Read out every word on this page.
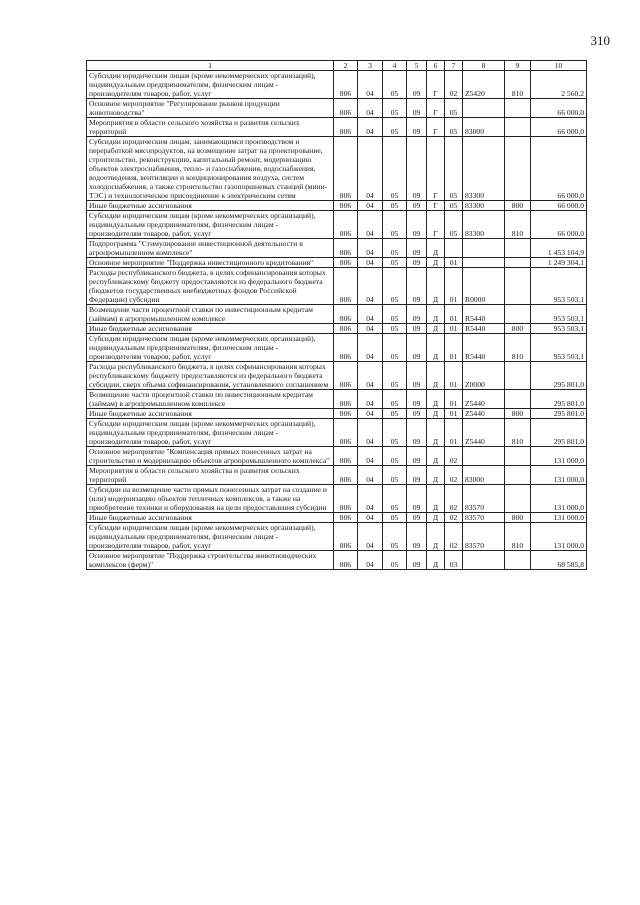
310
1	2	3	4	5	6	7	8	9	10
Субсидии юридическим лицам (кроме некоммерческих организаций), индивидуальным предпринимателям, физическим лицам - производителям товаров, работ, услуг	806	04	05	09	Г	02	Z5420	810	2 560,2
Основное мероприятие "Регулирование рынков продукции животноводства"	806	04	05	09	Г	05			66 000,0
Мероприятия в области сельского хозяйства и развития сельских территорий	806	04	05	09	Г	05	83000		66 000,0
Субсидии юридическим лицам, занимающимся производством и переработкой мясопродуктов, на возмещение затрат на проектирование, строительство, реконструкцию, капитальный ремонт, модернизацию объектов электроснабжения, тепло- и газоснабжения, водоснабжения, водоотведения, вентиляции и кондиционирования воздуха, систем холодоснабжения, а также строительство газопоршневых станций (мини-ТЭС) и технологическое присоединение к электрическим сетям	806	04	05	09	Г	05	83300		66 000,0
Иные бюджетные ассигнования	806	04	05	09	Г	05	83300	800	66 000,0
Субсидии юридическим лицам (кроме некоммерческих организаций), индивидуальным предпринимателям, физическим лицам - производителям товаров, работ, услуг	806	04	05	09	Г	05	83300	810	66 000,0
Подпрограмма "Стимулирование инвестиционной деятельности в агропромышленном комплексе"	806	04	05	09	Д				1 453 104,9
Основное мероприятие "Поддержка инвестиционного кредитования"	806	04	05	09	Д	01			1 249 304,1
Расходы республиканского бюджета, в целях софинансирования которых республиканскому бюджету предоставляются из федерального бюджета (бюджетов государственных внебюджетных фондов Российской Федерации) субсидии	806	04	05	09	Д	01	R0000		953 503,1
Возмещение части процентной ставки по инвестиционным кредитам (займам) в агропромышленном комплексе	806	04	05	09	Д	01	R5440		953 503,1
Иные бюджетные ассигнования	806	04	05	09	Д	01	R5440	800	953 503,1
Субсидии юридическим лицам (кроме некоммерческих организаций), индивидуальным предпринимателям, физическим лицам - производителям товаров, работ, услуг	806	04	05	09	Д	01	R5440	810	953 503,1
Расходы республиканского бюджета, в целях софинансирования которых республиканскому бюджету предоставляются из федерального бюджета субсидии, сверх объема софинансирования, установленного соглашением	806	04	05	09	Д	01	Z0000		295 801,0
Возмещение части процентной ставки по инвестиционным кредитам (займам) в агропромышленном комплексе	806	04	05	09	Д	01	Z5440		295 801,0
Иные бюджетные ассигнования	806	04	05	09	Д	01	Z5440	800	295 801,0
Субсидии юридическим лицам (кроме некоммерческих организаций), индивидуальным предпринимателям, физическим лицам - производителям товаров, работ, услуг	806	04	05	09	Д	01	Z5440	810	295 801,0
Основное мероприятие "Компенсация прямых понесенных затрат на строительство и модернизацию объектов агропромышленного комплекса"	806	04	05	09	Д	02			131 000,0
Мероприятия в области сельского хозяйства и развития сельских территорий	806	04	05	09	Д	02	83000		131 000,0
Субсидии на возмещение части прямых понесенных затрат на создание и (или) модернизацию объектов тепличных комплексов, а также на приобретение техники и оборудования на цели предоставления субсидии	806	04	05	09	Д	02	83570		131 000,0
Иные бюджетные ассигнования	806	04	05	09	Д	02	83570	800	131 000,0
Субсидии юридическим лицам (кроме некоммерческих организаций), индивидуальным предпринимателям, физическим лицам - производителям товаров, работ, услуг	806	04	05	09	Д	02	83570	810	131 000,0
Основное мероприятие "Поддержка строительства животноводческих комплексов (ферм)"	806	04	05	09	Д	03			68 585,8
